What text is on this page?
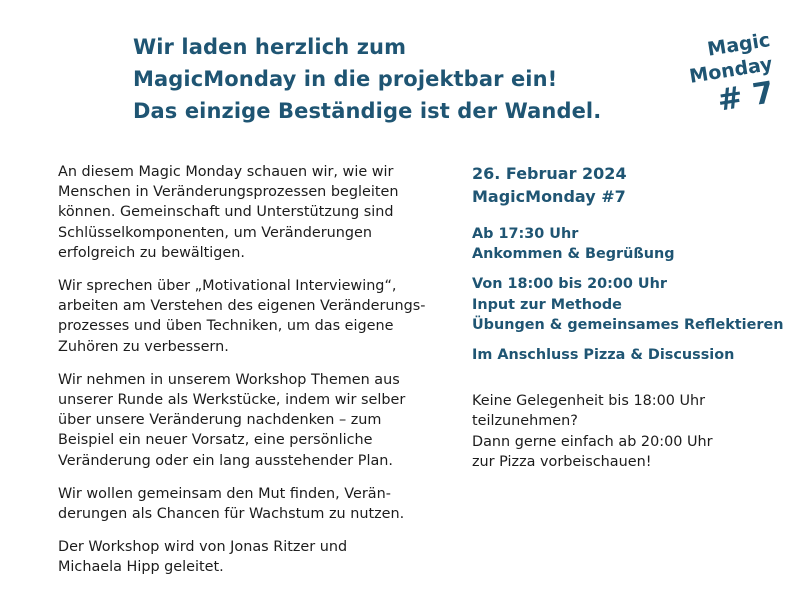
Wir laden herzlich zum
MagicMonday in die projektbar ein!
Das einzige Beständige ist der Wandel.
Magic
Monday
# 7

An diesem Magic Monday schauen wir, wie wir
Menschen in Veränderungsprozessen begleiten
können. Gemeinschaft und Unterstützung sind
Schlüsselkomponenten, um Veränderungen
erfolgreich zu bewältigen.

Wir sprechen über „Motivational Interviewing“,
arbeiten am Verstehen des eigenen Veränderungs-
prozesses und üben Techniken, um das eigene
Zuhören zu verbessern.

Wir nehmen in unserem Workshop Themen aus
unserer Runde als Werkstücke, indem wir selber
über unsere Veränderung nachdenken – zum
Beispiel ein neuer Vorsatz, eine persönliche
Veränderung oder ein lang ausstehender Plan.

Wir wollen gemeinsam den Mut finden, Verän-
derungen als Chancen für Wachstum zu nutzen.

Der Workshop wird von Jonas Ritzer und
Michaela Hipp geleitet.

26. Februar 2024
MagicMonday #7
Ab 17:30 Uhr
Ankommen & Begrüßung
Von 18:00 bis 20:00 Uhr
Input zur Methode
Übungen & gemeinsames Reflektieren
Im Anschluss Pizza & Discussion
Keine Gelegenheit bis 18:00 Uhr
teilzunehmen?
Dann gerne einfach ab 20:00 Uhr
zur Pizza vorbeischauen!
